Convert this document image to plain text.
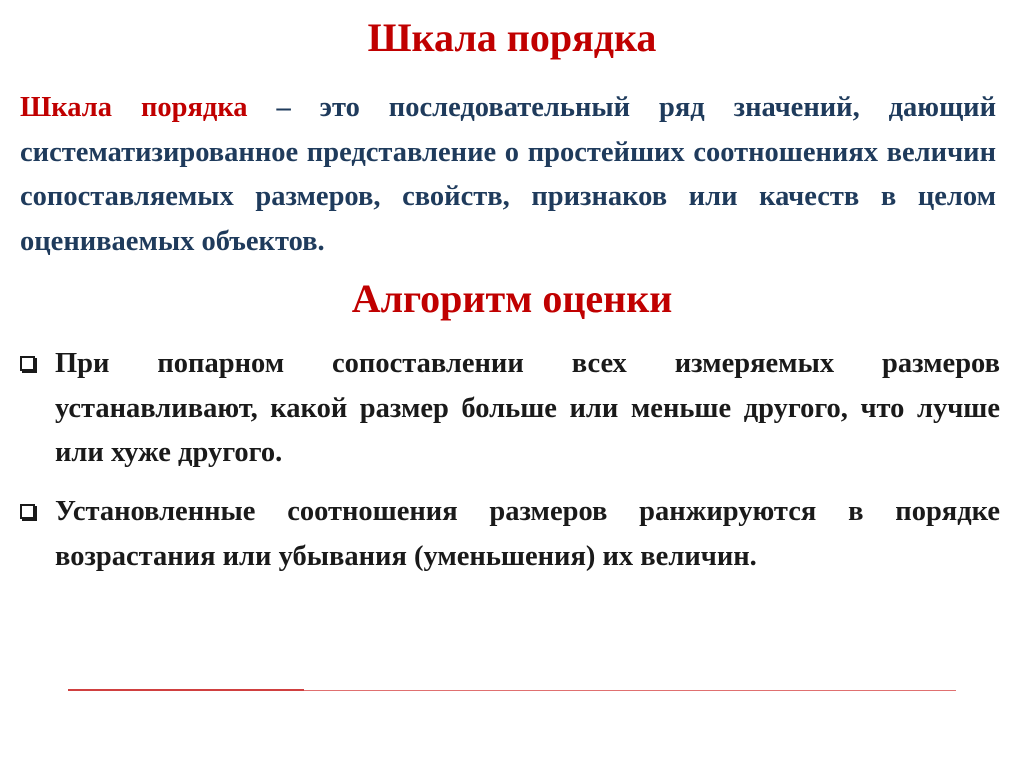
Шкала порядка

Шкала порядка – это последовательный ряд значений, дающий систематизированное представление о простейших соотношениях величин сопоставляемых размеров, свойств, признаков или качеств в целом оцениваемых объектов.

Алгоритм оценки

При попарном сопоставлении всех измеряемых размеров устанавливают, какой размер больше или меньше другого, что лучше или хуже другого.

Установленные соотношения размеров ранжируются в порядке возрастания или убывания (уменьшения) их величин.
